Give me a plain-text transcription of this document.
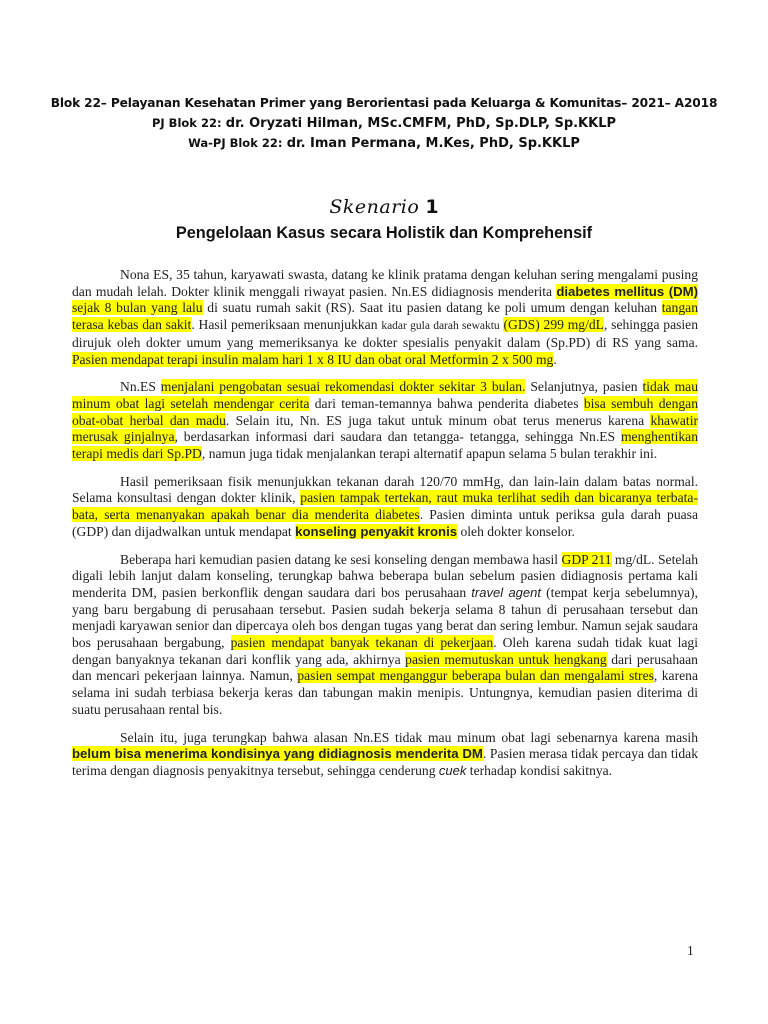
Blok 22– Pelayanan Kesehatan Primer yang Berorientasi pada Keluarga & Komunitas– 2021– A2018
PJ Blok 22: dr. Oryzati Hilman, MSc.CMFM, PhD, Sp.DLP, Sp.KKLP
Wa-PJ Blok 22: dr. Iman Permana, M.Kes, PhD, Sp.KKLP
Skenario 1
Pengelolaan Kasus secara Holistik dan Komprehensif

Nona ES, 35 tahun, karyawati swasta, datang ke klinik pratama dengan keluhan sering mengalami pusing dan mudah lelah. Dokter klinik menggali riwayat pasien. Nn.ES didiagnosis menderita diabetes mellitus (DM) sejak 8 bulan yang lalu di suatu rumah sakit (RS). Saat itu pasien datang ke poli umum dengan keluhan tangan terasa kebas dan sakit. Hasil pemeriksaan menunjukkan kadar gula darah sewaktu (GDS) 299 mg/dL, sehingga pasien dirujuk oleh dokter umum yang memeriksanya ke dokter spesialis penyakit dalam (Sp.PD) di RS yang sama. Pasien mendapat terapi insulin malam hari 1 x 8 IU dan obat oral Metformin 2 x 500 mg.

Nn.ES menjalani pengobatan sesuai rekomendasi dokter sekitar 3 bulan. Selanjutnya, pasien tidak mau minum obat lagi setelah mendengar cerita dari teman-temannya bahwa penderita diabetes bisa sembuh dengan obat-obat herbal dan madu. Selain itu, Nn. ES juga takut untuk minum obat terus menerus karena khawatir merusak ginjalnya, berdasarkan informasi dari saudara dan tetangga- tetangga, sehingga Nn.ES menghentikan terapi medis dari Sp.PD, namun juga tidak menjalankan terapi alternatif apapun selama 5 bulan terakhir ini.

Hasil pemeriksaan fisik menunjukkan tekanan darah 120/70 mmHg, dan lain-lain dalam batas normal. Selama konsultasi dengan dokter klinik, pasien tampak tertekan, raut muka terlihat sedih dan bicaranya terbata-bata, serta menanyakan apakah benar dia menderita diabetes. Pasien diminta untuk periksa gula darah puasa (GDP) dan dijadwalkan untuk mendapat konseling penyakit kronis oleh dokter konselor.

Beberapa hari kemudian pasien datang ke sesi konseling dengan membawa hasil GDP 211 mg/dL. Setelah digali lebih lanjut dalam konseling, terungkap bahwa beberapa bulan sebelum pasien didiagnosis pertama kali menderita DM, pasien berkonflik dengan saudara dari bos perusahaan travel agent (tempat kerja sebelumnya), yang baru bergabung di perusahaan tersebut. Pasien sudah bekerja selama 8 tahun di perusahaan tersebut dan menjadi karyawan senior dan dipercaya oleh bos dengan tugas yang berat dan sering lembur. Namun sejak saudara bos perusahaan bergabung, pasien mendapat banyak tekanan di pekerjaan. Oleh karena sudah tidak kuat lagi dengan banyaknya tekanan dari konflik yang ada, akhirnya pasien memutuskan untuk hengkang dari perusahaan dan mencari pekerjaan lainnya. Namun, pasien sempat menganggur beberapa bulan dan mengalami stres, karena selama ini sudah terbiasa bekerja keras dan tabungan makin menipis. Untungnya, kemudian pasien diterima di suatu perusahaan rental bis.

Selain itu, juga terungkap bahwa alasan Nn.ES tidak mau minum obat lagi sebenarnya karena masih belum bisa menerima kondisinya yang didiagnosis menderita DM. Pasien merasa tidak percaya dan tidak terima dengan diagnosis penyakitnya tersebut, sehingga cenderung cuek terhadap kondisi sakitnya.

1
